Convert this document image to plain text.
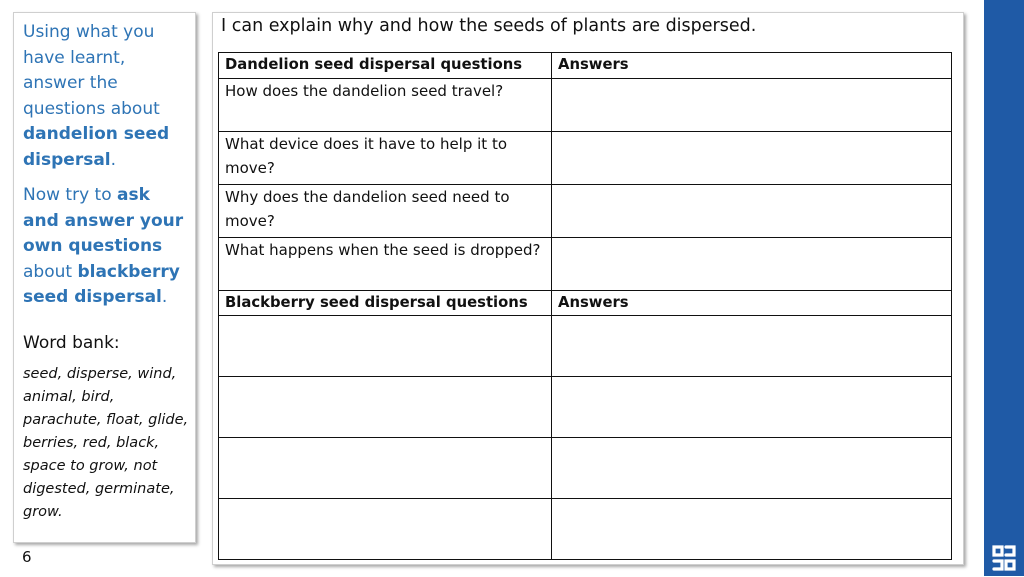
Using what you have learnt, answer the questions about dandelion seed dispersal.

Now try to ask and answer your own questions about blackberry seed dispersal.

Word bank:
seed, disperse, wind, animal, bird, parachute, float, glide, berries, red, black, space to grow, not digested, germinate, grow.
6
I can explain why and how the seeds of plants are dispersed.
Dandelion seed dispersal questions	Answers
How does the dandelion seed travel?	
What device does it have to help it to move?	
Why does the dandelion seed need to move?	
What happens when the seed is dropped?	
Blackberry seed dispersal questions	Answers
